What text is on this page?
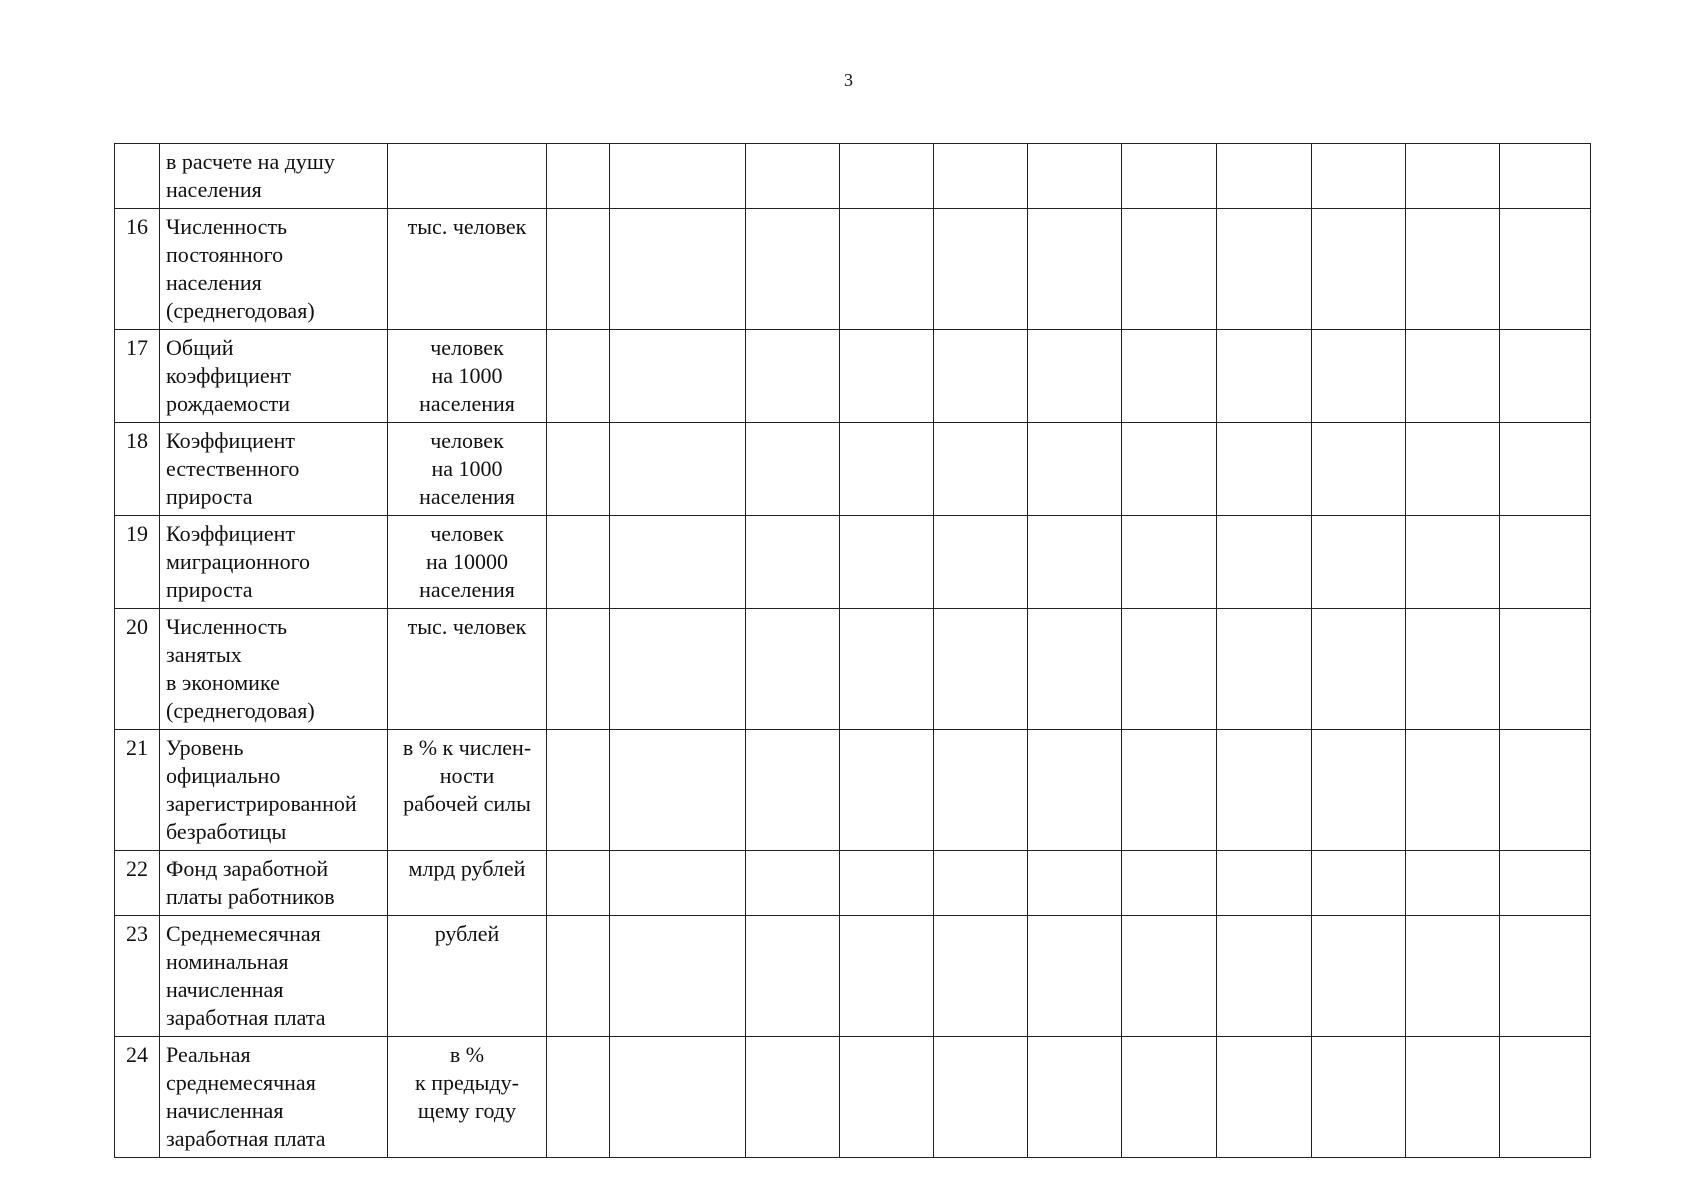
3
	в расчете на душу
населения												
16	Численность
постоянного
населения
(среднегодовая)	тыс. человек											
17	Общий
коэффициент
рождаемости	человек
на 1000
населения											
18	Коэффициент
естественного
прироста	человек
на 1000
населения											
19	Коэффициент
миграционного
прироста	человек
на 10000
населения											
20	Численность
занятых
в экономике
(среднегодовая)	тыс. человек											
21	Уровень
официально
зарегистрированной
безработицы	в % к числен-
ности
рабочей силы											
22	Фонд заработной
платы работников	млрд рублей											
23	Среднемесячная
номинальная
начисленная
заработная плата	рублей											
24	Реальная
среднемесячная
начисленная
заработная плата	в %
к предыду-
щему году											
